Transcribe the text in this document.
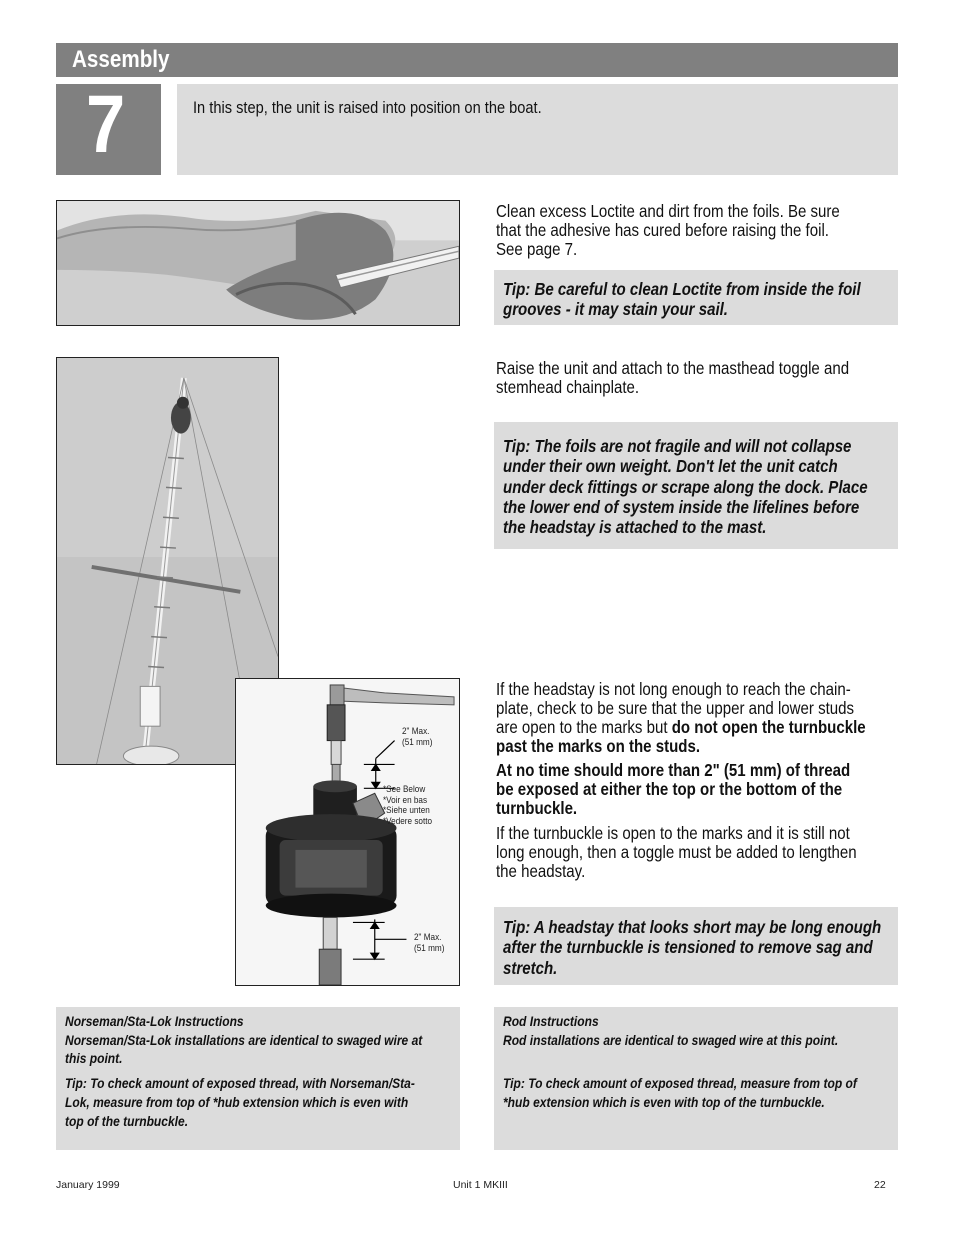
Assembly
7	In this step, the unit is raised into position on the boat.
Clean excess Loctite and dirt from the foils. Be sure
that the adhesive has cured before raising the foil.
See page 7.
Tip: Be careful to clean Loctite from inside the foil
grooves - it may stain your sail.
Raise the unit and attach to the masthead toggle and
stemhead chainplate.
Tip: The foils are not fragile and will not collapse
under their own weight. Don't let the unit catch
under deck fittings or scrape along the dock. Place
the lower end of system inside the lifelines before
the headstay is attached to the mast.
2" Max.
(51 mm)
*See Below
*Voir en bas
*Siehe unten
*Vedere sotto
2" Max.
(51 mm)
If the headstay is not long enough to reach the chain-
plate, check to be sure that the upper and lower studs
are open to the marks but do not open the turnbuckle
past the marks on the studs.
At no time should more than 2" (51 mm) of thread
be exposed at either the top or the bottom of the
turnbuckle.
If the turnbuckle is open to the marks and it is still not
long enough, then a toggle must be added to lengthen
the headstay.
Tip: A headstay that looks short may be long enough
after the turnbuckle is tensioned to remove sag and
stretch.
Norseman/Sta-Lok Instructions
Norseman/Sta-Lok installations are identical to swaged wire at
this point.
Tip: To check amount of exposed thread, with Norseman/Sta-
Lok, measure from top of *hub extension which is even with
top of the turnbuckle.
Rod Instructions
Rod installations are identical to swaged wire at this point.
Tip: To check amount of exposed thread, measure from top of
*hub extension which is even with top of the turnbuckle.
January 1999	Unit 1 MKIII	22
